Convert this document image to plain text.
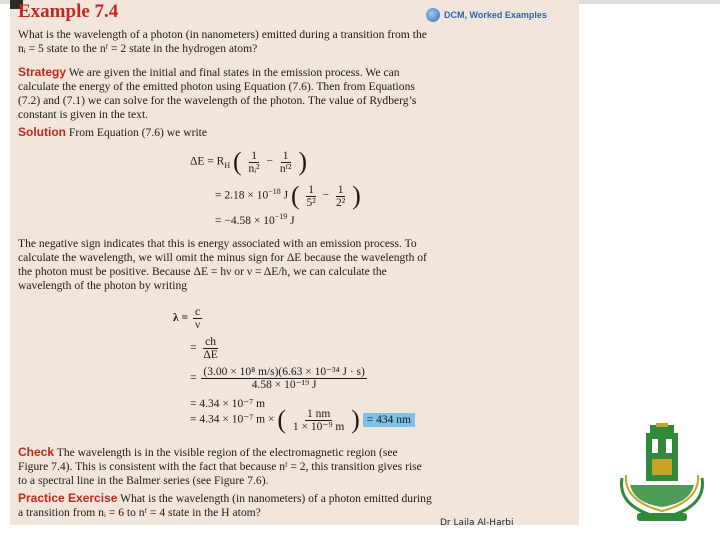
Example 7.4	DCM, Worked Examples
What is the wavelength of a photon (in nanometers) emitted during a transition from the
nᵢ = 5 state to the nᶠ = 2 state in the hydrogen atom?
Strategy We are given the initial and final states in the emission process. We can
calculate the energy of the emitted photon using Equation (7.6). Then from Equations
(7.2) and (7.1) we can solve for the wavelength of the photon. The value of Rydberg’s
constant is given in the text.
Solution From Equation (7.6) we write
$\Delta E = R_H$ ( $\frac{1}{\text{nᵢ²}} - \frac{1}{\text{nᶠ²}}$ )
= $2.18 \times 10^{-18}$ J ( $\frac{1}{\text{5²}} - \frac{1}{\text{2²}}$ )
= $-4.58 \times 10^{-19}$ J
The negative sign indicates that this is energy associated with an emission process. To
calculate the wavelength, we will omit the minus sign for ΔE because the wavelength of
the photon must be positive. Because ΔE = hν or ν = ΔE/h, we can calculate the
wavelength of the photon by writing
$\lambda = \frac{c}{\nu}$
= $\frac{ch}{\Delta E}$
= $\frac{\text{(3.00 × 10⁸ m/s)(6.63 × 10⁻³⁴ J · s)}}{\text{4.58 × 10⁻¹⁹ J}}$
= 4.34 × 10⁻⁷ m
= 4.34 × 10⁻⁷ m × ( $\frac{1 nm}{\text{1 × 10⁻⁹ m}}$ ) = 434 nm
Check The wavelength is in the visible region of the electromagnetic region (see
Figure 7.4). This is consistent with the fact that because nᶠ = 2, this transition gives rise
to a spectral line in the Balmer series (see Figure 7.6).
Practice Exercise What is the wavelength (in nanometers) of a photon emitted during
a transition from nᵢ = 6 to nᶠ = 4 state in the H atom?
Dr Laila Al-Harbi
